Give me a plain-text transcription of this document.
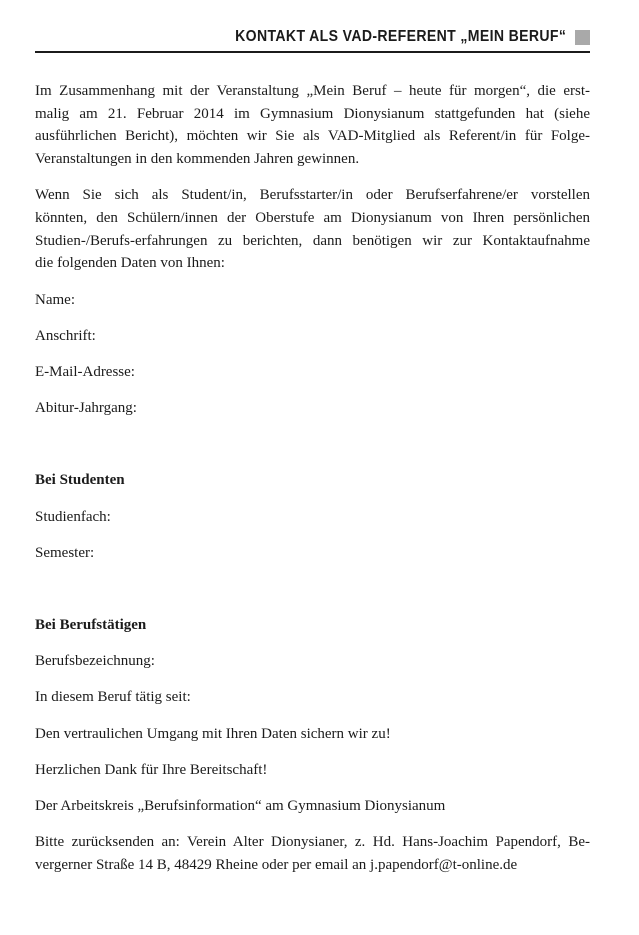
KONTAKT ALS VAD-REFERENT „MEIN BERUF“
Im Zusammenhang mit der Veranstaltung „Mein Beruf – heute für morgen“, die erst-
malig am 21. Februar 2014 im Gymnasium Dionysianum stattgefunden hat (siehe
ausführlichen Bericht), möchten wir Sie als VAD-Mitglied als Referent/in für Folge-
Veranstaltungen in den kommenden Jahren gewinnen.
Wenn Sie sich als Student/in, Berufsstarter/in oder Berufserfahrene/er vorstellen
könnten, den Schülern/innen der Oberstufe am Dionysianum von Ihren persönlichen
Studien-/Berufs-erfahrungen zu berichten, dann benötigen wir zur Kontaktaufnahme
die folgenden Daten von Ihnen:

Name:

Anschrift:

E-Mail-Adresse:

Abitur-Jahrgang:

Bei Studenten

Studienfach:

Semester:

Bei Berufstätigen

Berufsbezeichnung:

In diesem Beruf tätig seit:

Den vertraulichen Umgang mit Ihren Daten sichern wir zu!

Herzlichen Dank für Ihre Bereitschaft!

Der Arbeitskreis „Berufsinformation“ am Gymnasium Dionysianum

Bitte zurücksenden an: Verein Alter Dionysianer, z. Hd. Hans-Joachim Papendorf, Be-
vergerner Straße 14 B, 48429 Rheine oder per email an j.papendorf@t-online.de
